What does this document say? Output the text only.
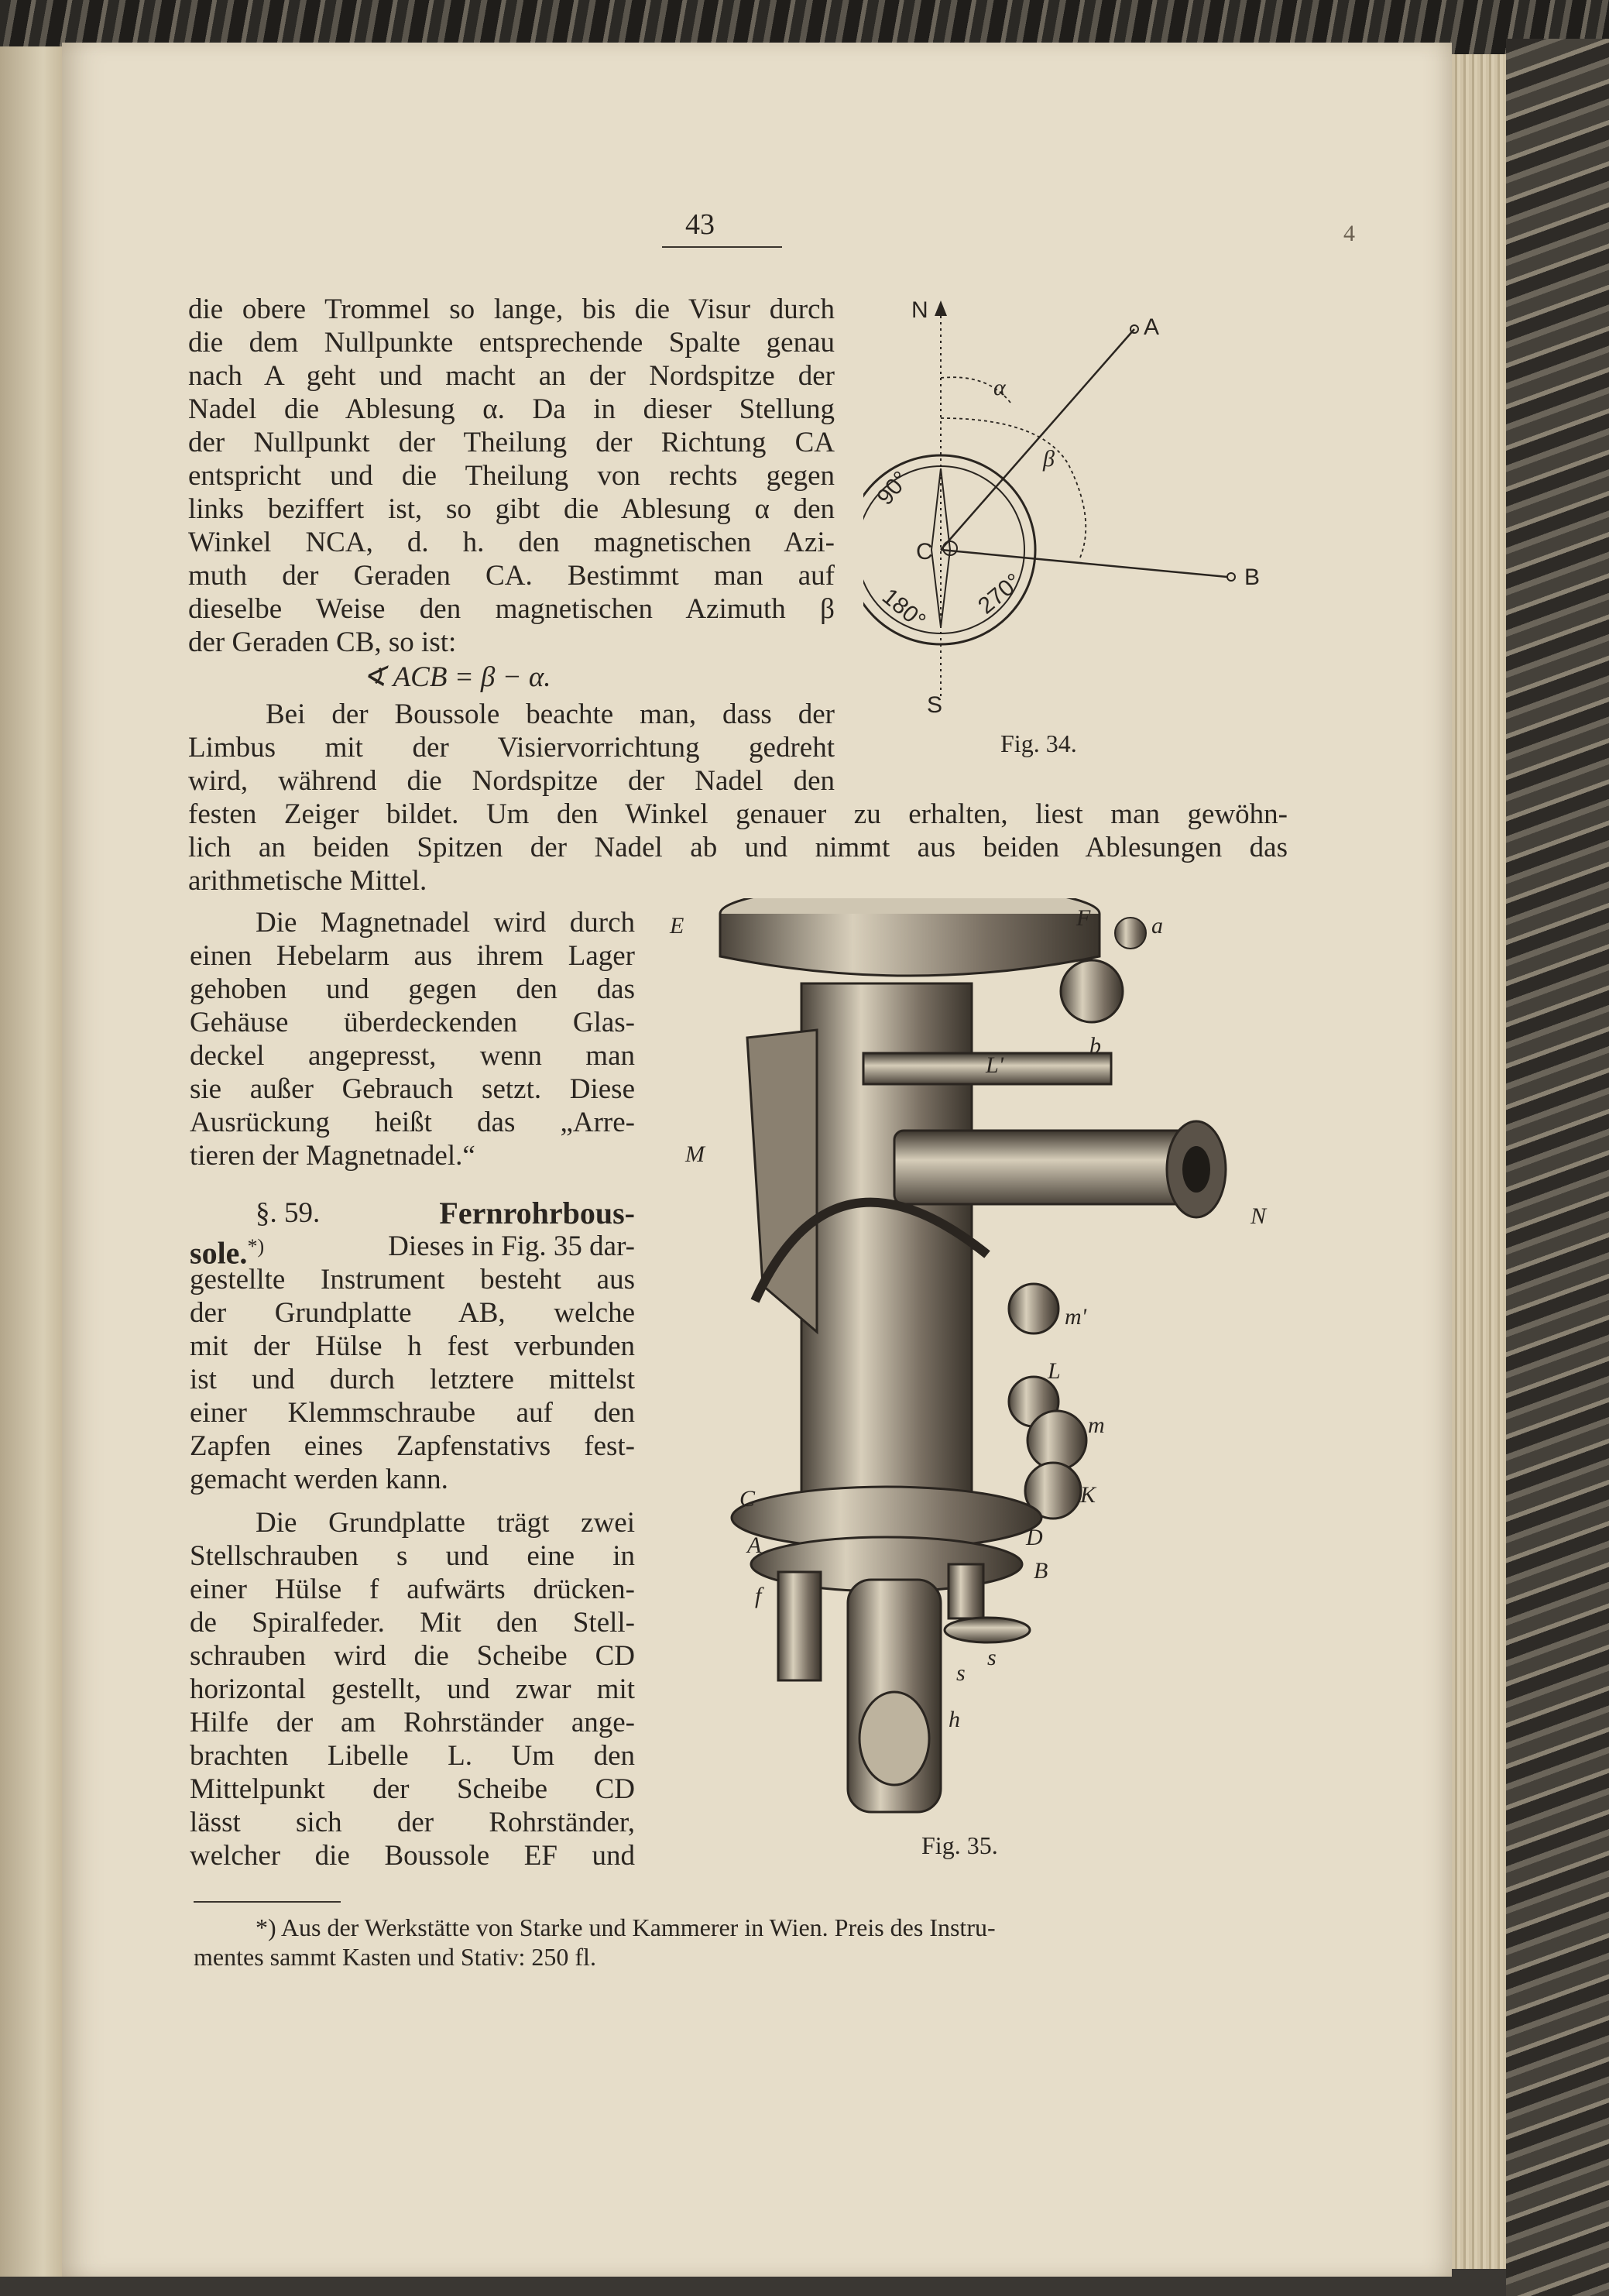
43	4
die obere Trommel so lange, bis die Visur durch
die dem Nullpunkte entsprechende Spalte genau
nach A geht und macht an der Nordspitze der
Nadel die Ablesung α. Da in dieser Stellung
der Nullpunkt der Theilung der Richtung CA
entspricht und die Theilung von rechts gegen
links beziffert ist, so gibt die Ablesung α den
Winkel NCA, d. h. den magnetischen Azi-
muth der Geraden CA. Bestimmt man auf
dieselbe Weise den magnetischen Azimuth β
der Geraden CB, so ist:
∢ ACB = β − α.
Bei der Boussole beachte man, dass der
Limbus mit der Visiervorrichtung gedreht
wird, während die Nordspitze der Nadel den
festen Zeiger bildet. Um den Winkel genauer zu erhalten, liest man gewöhn-
lich an beiden Spitzen der Nadel ab und nimmt aus beiden Ablesungen das
arithmetische Mittel.
Die Magnetnadel wird durch
einen Hebelarm aus ihrem Lager
gehoben und gegen den das
Gehäuse überdeckenden Glas-
deckel angepresst, wenn man
sie außer Gebrauch setzt. Diese
Ausrückung heißt das „Arre-
tieren der Magnetnadel.“
§. 59.	Fernrohrbous-
sole.*)	Dieses in Fig. 35 dar-
gestellte Instrument besteht aus
der Grundplatte AB, welche
mit der Hülse h fest verbunden
ist und durch letztere mittelst
einer Klemmschraube auf den
Zapfen eines Zapfenstativs fest-
gemacht werden kann.
Die Grundplatte trägt zwei
Stellschrauben s und eine in
einer Hülse f aufwärts drücken-
de Spiralfeder. Mit den Stell-
schrauben wird die Scheibe CD
horizontal gestellt, und zwar mit
Hilfe der am Rohrständer ange-
brachten Libelle L. Um den
Mittelpunkt der Scheibe CD
lässt sich der Rohrständer,
welcher die Boussole EF und
N
A
B
α
β
C
90°
180° 270°
S
Fig. 34.
E	F	a
b
L'
M
N
m'
L
m
K
C
D
A
B
f
s
s
h
Fig. 35.
*) Aus der Werkstätte von Starke und Kammerer in Wien. Preis des Instru-
mentes sammt Kasten und Stativ: 250 fl.
